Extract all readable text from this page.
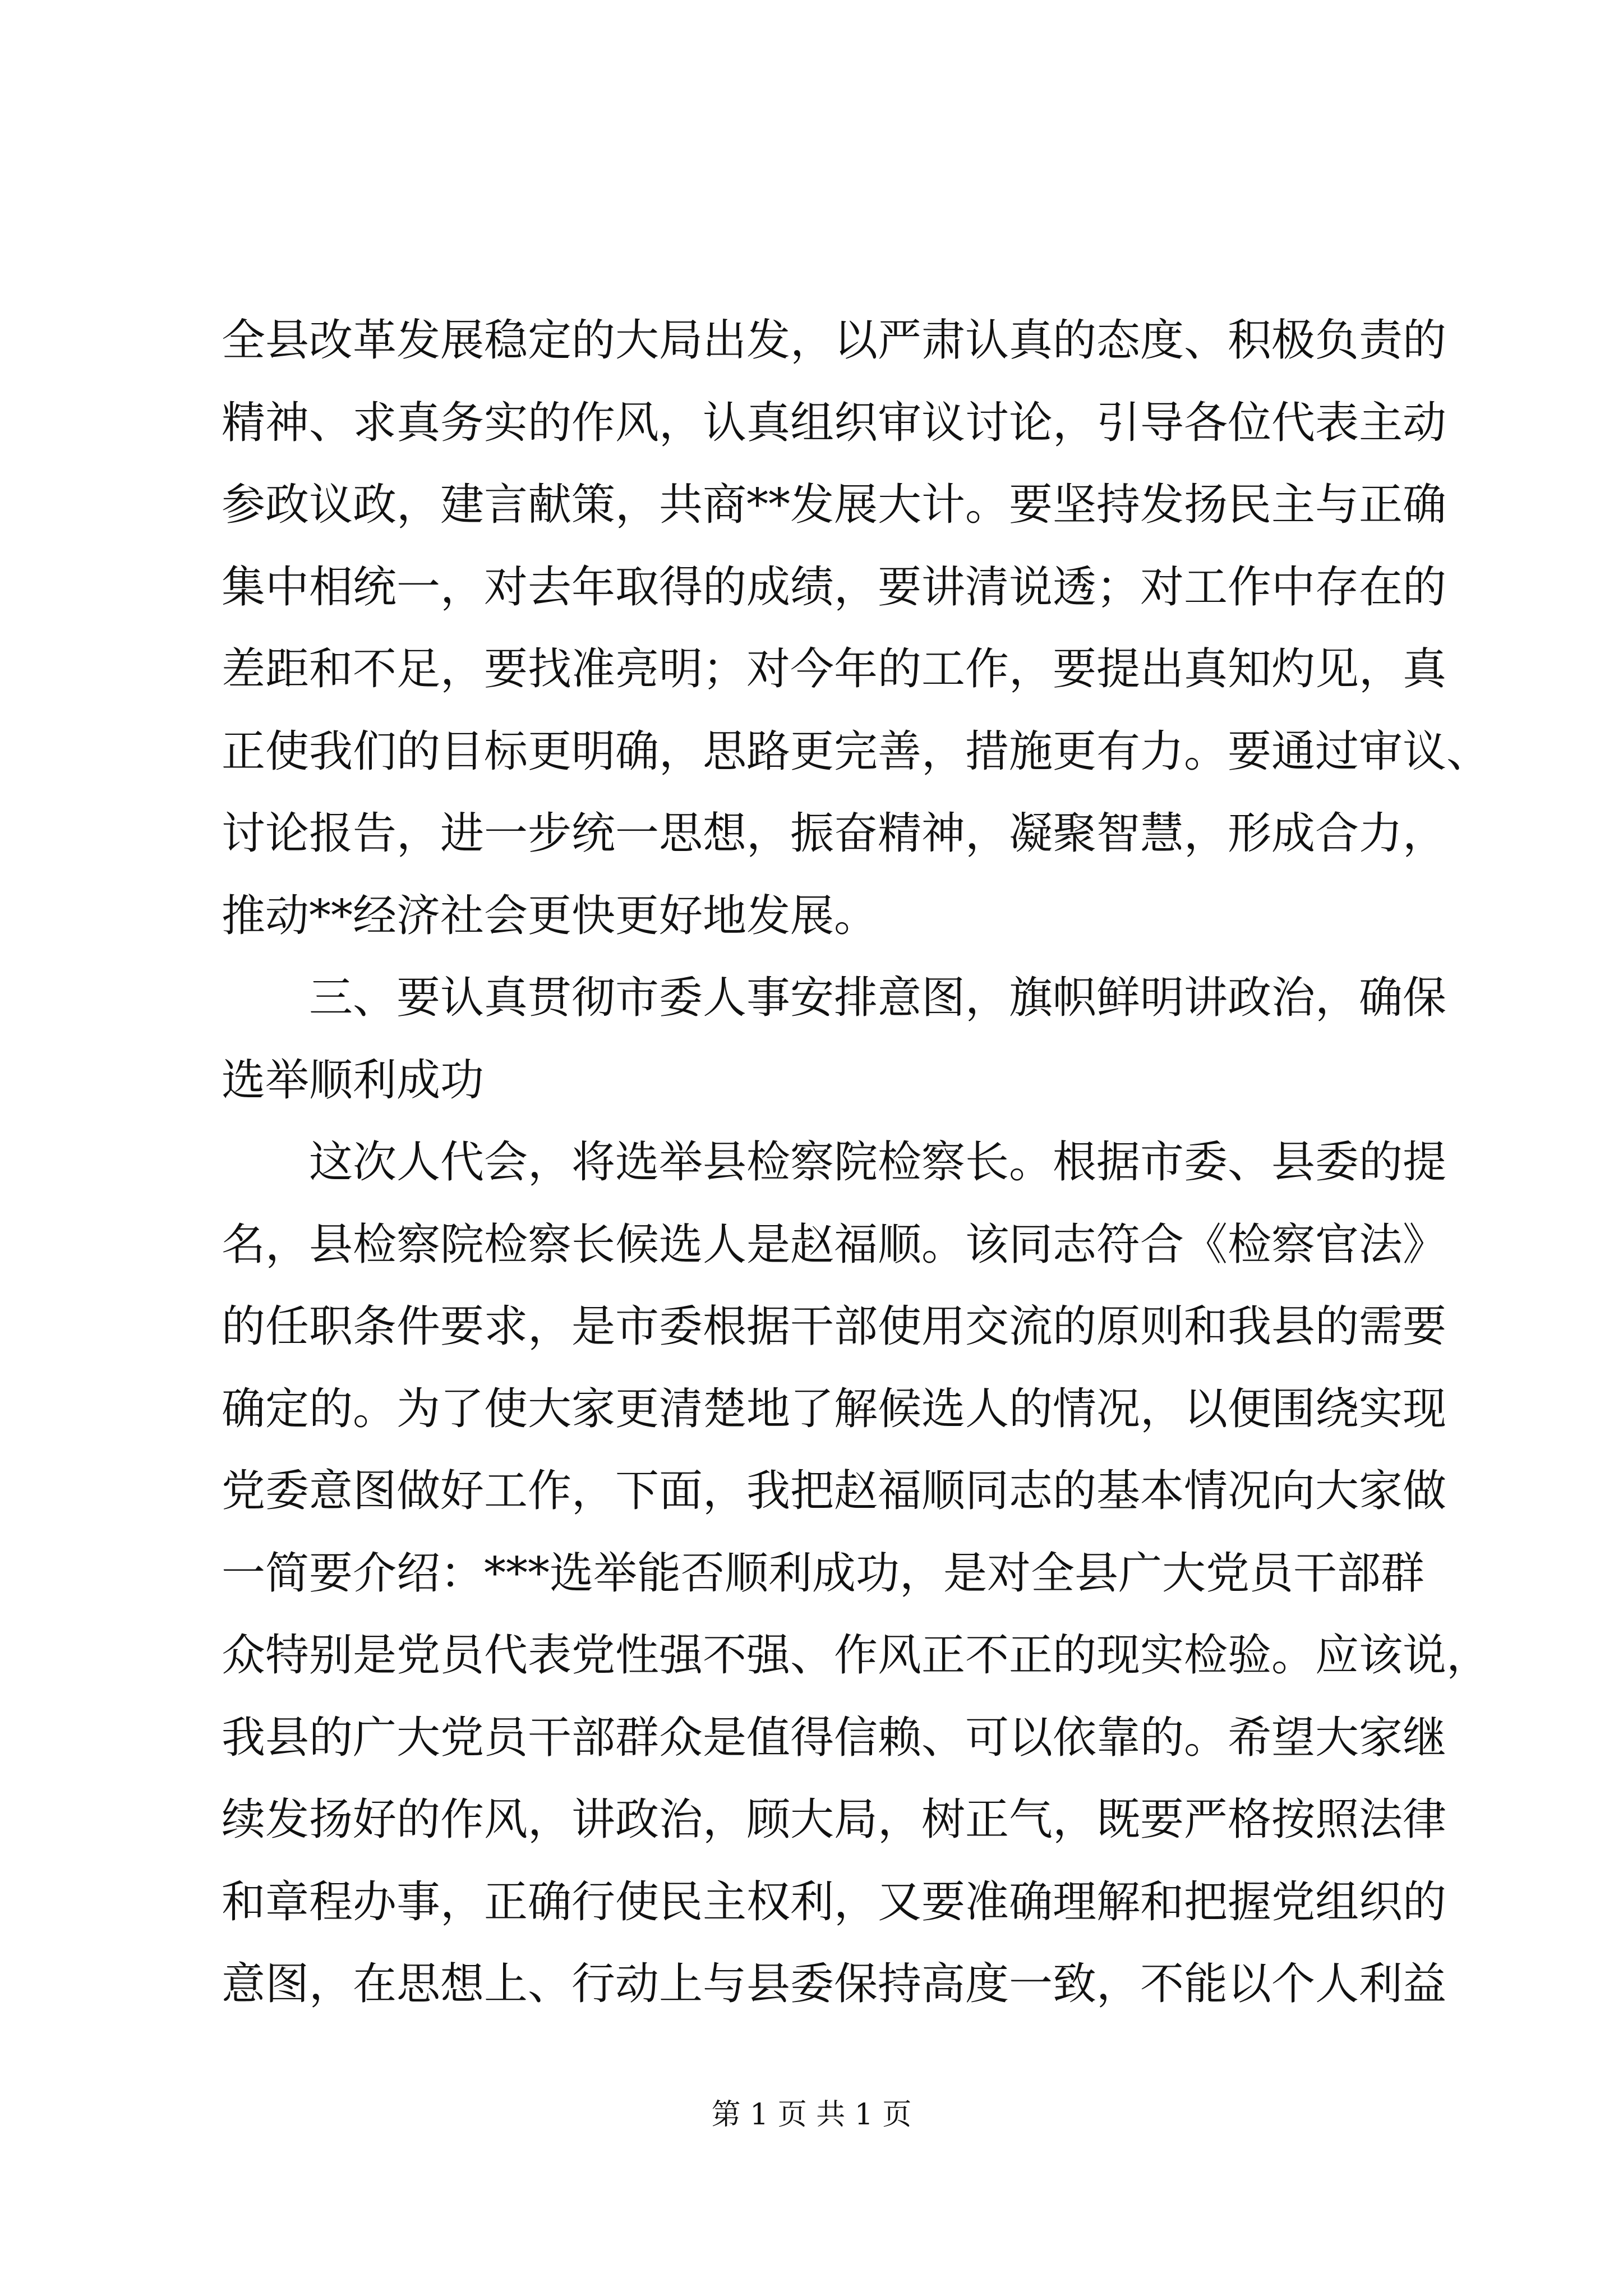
全县改革发展稳定的大局出发，以严肃认真的态度、积极负责的
精神、求真务实的作风，认真组织审议讨论，引导各位代表主动
参政议政，建言献策，共商**发展大计。要坚持发扬民主与正确
集中相统一，对去年取得的成绩，要讲清说透；对工作中存在的
差距和不足，要找准亮明；对今年的工作，要提出真知灼见，真
正使我们的目标更明确，思路更完善，措施更有力。要通过审议、
讨论报告，进一步统一思想，振奋精神，凝聚智慧，形成合力，
推动**经济社会更快更好地发展。
三、要认真贯彻市委人事安排意图，旗帜鲜明讲政治，确保
选举顺利成功
这次人代会，将选举县检察院检察长。根据市委、县委的提
名，县检察院检察长候选人是赵福顺。该同志符合《检察官法》
的任职条件要求，是市委根据干部使用交流的原则和我县的需要
确定的。为了使大家更清楚地了解候选人的情况，以便围绕实现
党委意图做好工作，下面，我把赵福顺同志的基本情况向大家做
一简要介绍：***选举能否顺利成功，是对全县广大党员干部群
众特别是党员代表党性强不强、作风正不正的现实检验。应该说，
我县的广大党员干部群众是值得信赖、可以依靠的。希望大家继
续发扬好的作风，讲政治，顾大局，树正气，既要严格按照法律
和章程办事，正确行使民主权利，又要准确理解和把握党组织的
意图，在思想上、行动上与县委保持高度一致，不能以个人利益
第 1 页 共 1 页
